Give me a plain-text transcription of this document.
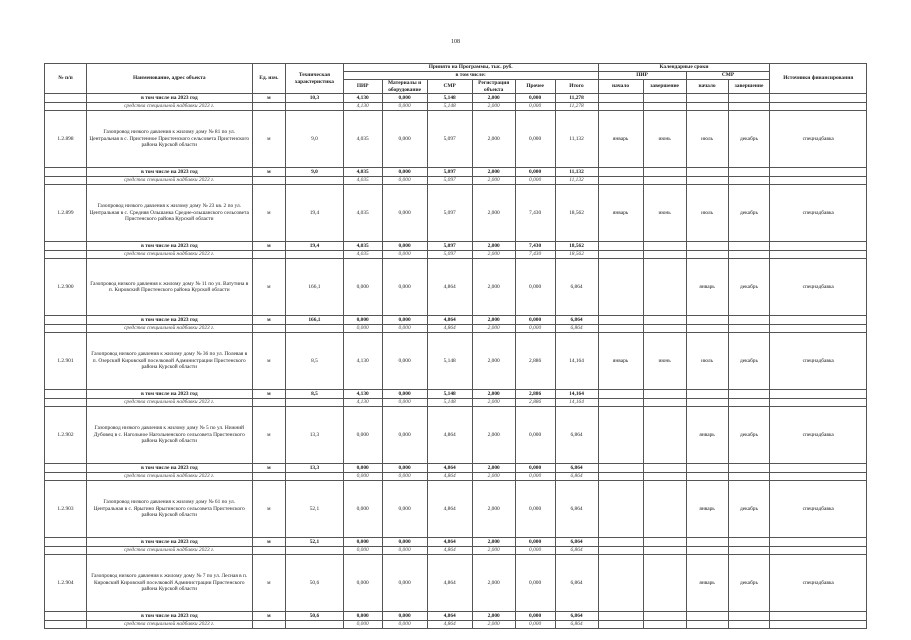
108
№ п/п	Наименование, адрес объекта	Ед. изм.	Техническая характеристика	Принято на Программы, тыс. руб.						Календарные сроки				Источники финансирования
				в том числе:						ПИР		СМР		
				ПИР	Материалы и оборудование	СМР	Регистрация объекта	Прочее	Итого	начало	завершение	начало	завершение	
	в том числе на 2023 год	м	10,3	4,130	0,000	5,148	2,000	0,000	11,278					
	средства специальной надбавки 2023 г.			4,130	0,000	5,148	2,000	0,000	11,278					
1.2.898	Газопровод низкого давления к жилому дому № 81 по ул. Центральная в с. Пристенное Пристенского сельсовета Пристенского района Курской области	м	9,0	4,035	0,000	5,097	2,000	0,000	11,132	январь	июнь	июль	декабрь	спецнадбавка
	в том числе на 2023 год	м	9,0	4,035	0,000	5,097	2,000	0,000	11,132					
	средства специальной надбавки 2023 г.			4,035	0,000	5,097	2,000	0,000	11,132					
1.2.899	Газопровод низкого давления к жилому дому № 23 кв. 2 по ул. Центральная в с. Средняя Ольшанка Средне-ольшанского сельсовета Пристенского района Курской области	м	19,4	4,035	0,000	5,097	2,000	7,430	18,562	январь	июнь	июль	декабрь	спецнадбавка
	в том числе на 2023 год	м	19,4	4,035	0,000	5,097	2,000	7,430	18,562					
	средства специальной надбавки 2023 г.			4,035	0,000	5,097	2,000	7,430	18,562					
1.2.900	Газопровод низкого давления к жилому дому № 11 по ул. Ватутина в п. Кировский Пристенского района Курской области	м	166,1	0,000	0,000	4,864	2,000	0,000	6,864			январь	декабрь	спецнадбавка
	в том числе на 2023 год	м	166,1	0,000	0,000	4,864	2,000	0,000	6,864					
	средства специальной надбавки 2023 г.			0,000	0,000	4,864	2,000	0,000	6,864					
1.2.901	Газопровод низкого давления к жилому дому № 36 по ул. Полевая в п. Озерский Кировской поселковой Администрации Пристенского района Курской области	м	8,5	4,130	0,000	5,148	2,000	2,886	14,164	январь	июнь	июль	декабрь	спецнадбавка
	в том числе на 2023 год	м	8,5	4,130	0,000	5,148	2,000	2,886	14,164					
	средства специальной надбавки 2023 г.			4,130	0,000	5,148	2,000	2,886	14,164					
1.2.902	Газопровод низкого давления к жилому дому № 5 по ул. Нижний Дубовец в с. Нагольное Нагольненского сельсовета Пристенского района Курской области	м	13,3	0,000	0,000	4,864	2,000	0,000	6,864			январь	декабрь	спецнадбавка
	в том числе на 2023 год	м	13,3	0,000	0,000	4,864	2,000	0,000	6,864					
	средства специальной надбавки 2023 г.			0,000	0,000	4,864	2,000	0,000	6,864					
1.2.903	Газопровод низкого давления к жилому дому № 61 по ул. Центральная в с. Ярыгино Ярыгинского сельсовета Пристенского района Курской области	м	52,1	0,000	0,000	4,864	2,000	0,000	6,864			январь	декабрь	спецнадбавка
	в том числе на 2023 год	м	52,1	0,000	0,000	4,864	2,000	0,000	6,864					
	средства специальной надбавки 2023 г.			0,000	0,000	4,864	2,000	0,000	6,864					
1.2.904	Газопровод низкого давления к жилому дому № 7 по ул. Лесная в п. Кировский Кировской поселковой Администрации Пристенского района Курской области	м	50,6	0,000	0,000	4,864	2,000	0,000	6,864			январь	декабрь	спецнадбавка
	в том числе на 2023 год	м	50,6	0,000	0,000	4,864	2,000	0,000	6,864					
	средства специальной надбавки 2023 г.			0,000	0,000	4,864	2,000	0,000	6,864					
